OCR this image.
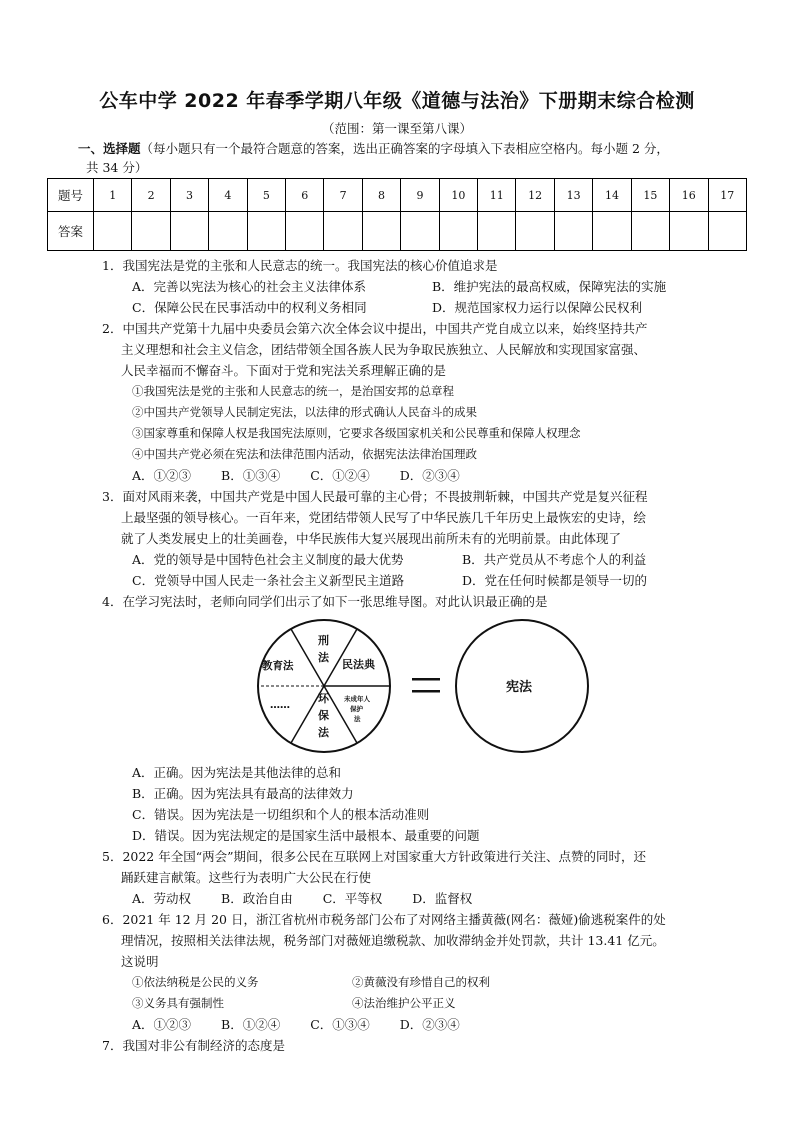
公车中学 2022 年春季学期八年级《道德与法治》下册期末综合检测
（范围：第一课至第八课）
一、选择题（每小题只有一个最符合题意的答案，选出正确答案的字母填入下表相应空格内。每小题 2 分，
共 34 分）
题号	1	2	3	4	5	6	7	8	9	10	11	12	13	14	15	16	17
答案																	
1．我国宪法是党的主张和人民意志的统一。我国宪法的核心价值追求是
A．完善以宪法为核心的社会主义法律体系	B．维护宪法的最高权威，保障宪法的实施
C．保障公民在民事活动中的权利义务相同	D．规范国家权力运行以保障公民权利
2．中国共产党第十九届中央委员会第六次全体会议中提出，中国共产党自成立以来，始终坚持共产
主义理想和社会主义信念，团结带领全国各族人民为争取民族独立、人民解放和实现国家富强、
人民幸福而不懈奋斗。下面对于党和宪法关系理解正确的是
①我国宪法是党的主张和人民意志的统一，是治国安邦的总章程
②中国共产党领导人民制定宪法，以法律的形式确认人民奋斗的成果
③国家尊重和保障人权是我国宪法原则，它要求各级国家机关和公民尊重和保障人权理念
④中国共产党必须在宪法和法律范围内活动，依据宪法法律治国理政
A．①②③ B．①③④ C．①②④ D．②③④
3．面对风雨来袭，中国共产党是中国人民最可靠的主心骨；不畏披荆斩棘，中国共产党是复兴征程
上最坚强的领导核心。一百年来，党团结带领人民写了中华民族几千年历史上最恢宏的史诗，绘
就了人类发展史上的壮美画卷，中华民族伟大复兴展现出前所未有的光明前景。由此体现了
A．党的领导是中国特色社会主义制度的最大优势	B．共产党员从不考虑个人的利益
C．党领导中国人民走一条社会主义新型民主道路	D．党在任何时候都是领导一切的
4．在学习宪法时，老师向同学们出示了如下一张思维导图。对此认识最正确的是
刑
法
民法典
教育法
……
未成年人
保护
法
环
保
法
=	宪法
A．正确。因为宪法是其他法律的总和
B．正确。因为宪法具有最高的法律效力
C．错误。因为宪法是一切组织和个人的根本活动准则
D．错误。因为宪法规定的是国家生活中最根本、最重要的问题
5．2022 年全国“两会”期间，很多公民在互联网上对国家重大方针政策进行关注、点赞的同时，还
踊跃建言献策。这些行为表明广大公民在行使
A．劳动权 B．政治自由 C．平等权 D．监督权
6．2021 年 12 月 20 日，浙江省杭州市税务部门公布了对网络主播黄薇(网名：薇娅)偷逃税案件的处
理情况，按照相关法律法规，税务部门对薇娅追缴税款、加收滞纳金并处罚款，共计 13.41 亿元。
这说明
①依法纳税是公民的义务	②黄薇没有珍惜自己的权利
③义务具有强制性	④法治维护公平正义
A．①②③ B．①②④ C．①③④ D．②③④
7．我国对非公有制经济的态度是
